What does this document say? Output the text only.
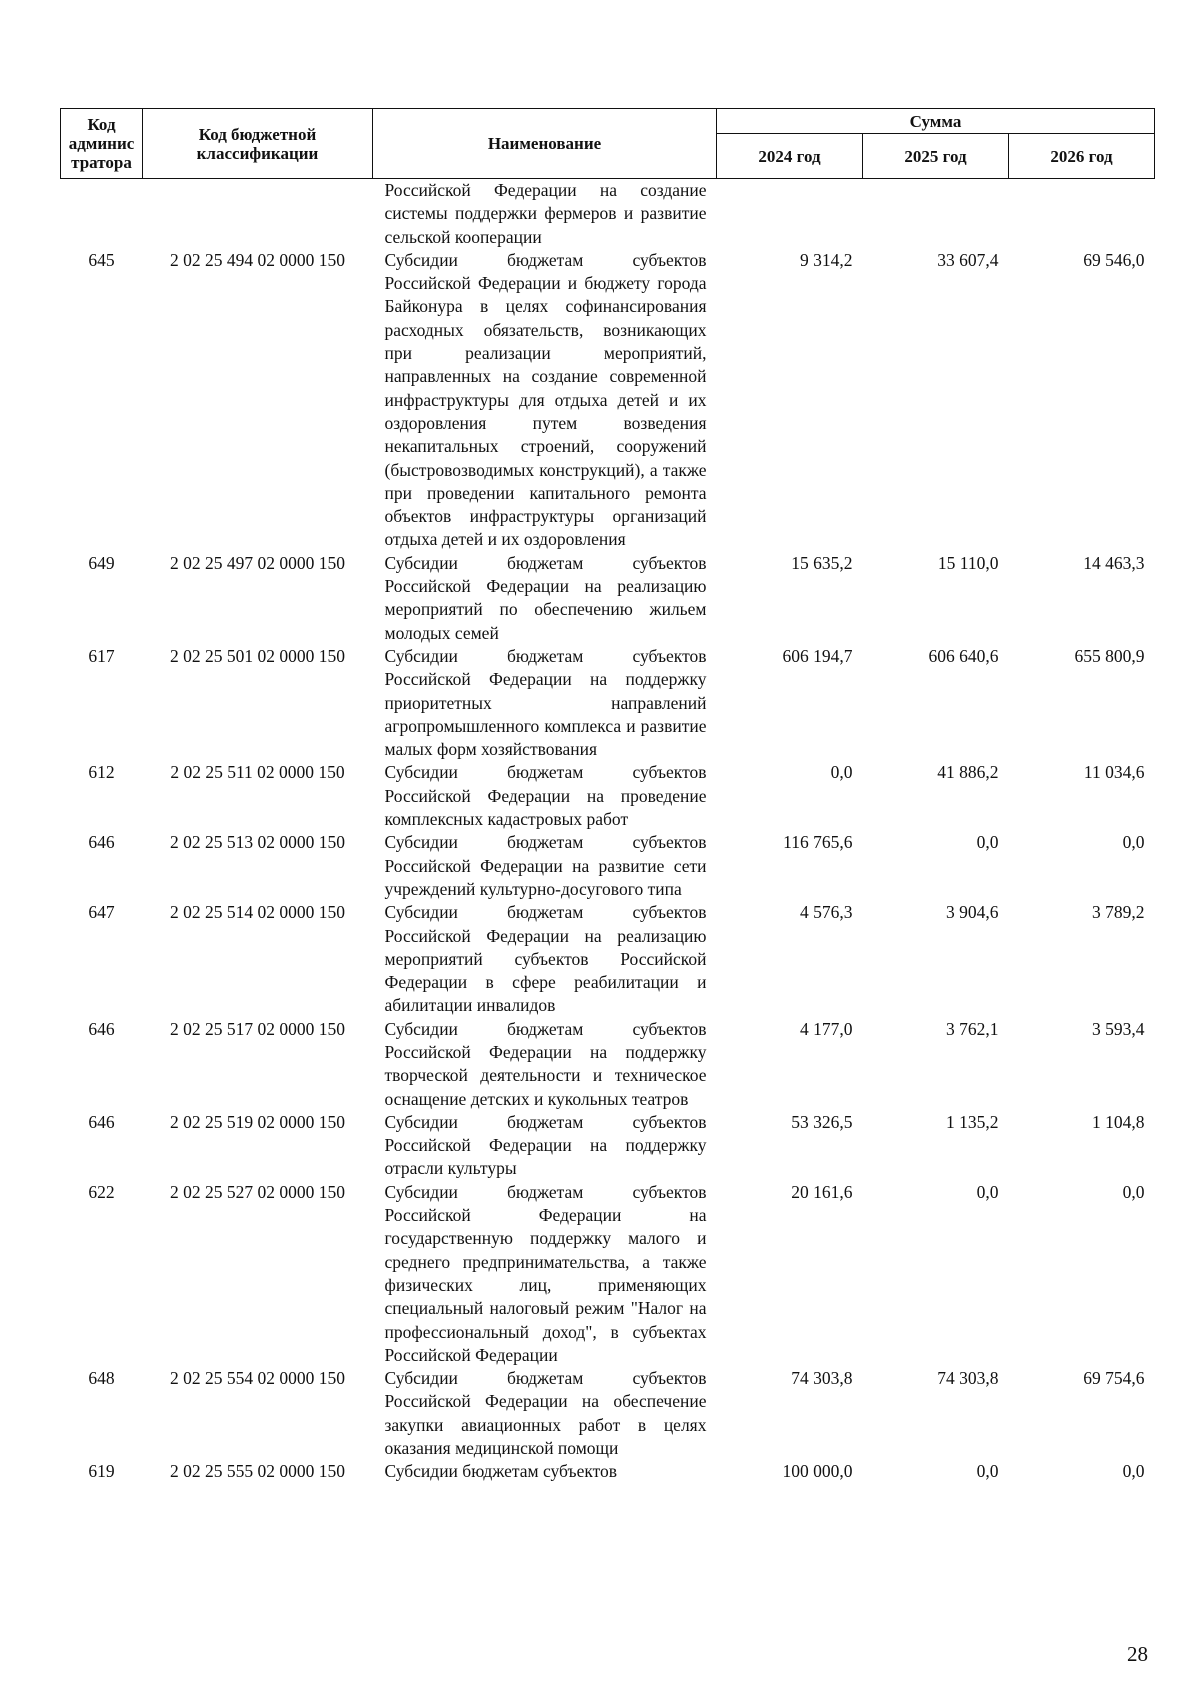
Код админис тратора	Код бюджетной классификации	Наименование	Сумма		
			2024 год	2025 год	2026 год
		Российской Федерации на создание системы поддержки фермеров и развитие сельской кооперации			
645	2 02 25 494 02 0000 150	Субсидии бюджетам субъектов Российской Федерации и бюджету города Байконура в целях софинансирования расходных обязательств, возникающих при реализации мероприятий, направленных на создание современной инфраструктуры для отдыха детей и их оздоровления путем возведения некапитальных строений, сооружений (быстровозводимых конструкций), а также при проведении капитального ремонта объектов инфраструктуры организаций отдыха детей и их оздоровления	9 314,2	33 607,4	69 546,0
649	2 02 25 497 02 0000 150	Субсидии бюджетам субъектов Российской Федерации на реализацию мероприятий по обеспечению жильем молодых семей	15 635,2	15 110,0	14 463,3
617	2 02 25 501 02 0000 150	Субсидии бюджетам субъектов Российской Федерации на поддержку приоритетных направлений агропромышленного комплекса и развитие малых форм хозяйствования	606 194,7	606 640,6	655 800,9
612	2 02 25 511 02 0000 150	Субсидии бюджетам субъектов Российской Федерации на проведение комплексных кадастровых работ	0,0	41 886,2	11 034,6
646	2 02 25 513 02 0000 150	Субсидии бюджетам субъектов Российской Федерации на развитие сети учреждений культурно-досугового типа	116 765,6	0,0	0,0
647	2 02 25 514 02 0000 150	Субсидии бюджетам субъектов Российской Федерации на реализацию мероприятий субъектов Российской Федерации в сфере реабилитации и абилитации инвалидов	4 576,3	3 904,6	3 789,2
646	2 02 25 517 02 0000 150	Субсидии бюджетам субъектов Российской Федерации на поддержку творческой деятельности и техническое оснащение детских и кукольных театров	4 177,0	3 762,1	3 593,4
646	2 02 25 519 02 0000 150	Субсидии бюджетам субъектов Российской Федерации на поддержку отрасли культуры	53 326,5	1 135,2	1 104,8
622	2 02 25 527 02 0000 150	Субсидии бюджетам субъектов Российской Федерации на государственную поддержку малого и среднего предпринимательства, а также физических лиц, применяющих специальный налоговый режим "Налог на профессиональный доход", в субъектах Российской Федерации	20 161,6	0,0	0,0
648	2 02 25 554 02 0000 150	Субсидии бюджетам субъектов Российской Федерации на обеспечение закупки авиационных работ в целях оказания медицинской помощи	74 303,8	74 303,8	69 754,6
619	2 02 25 555 02 0000 150	Субсидии бюджетам субъектов	100 000,0	0,0	0,0
28
